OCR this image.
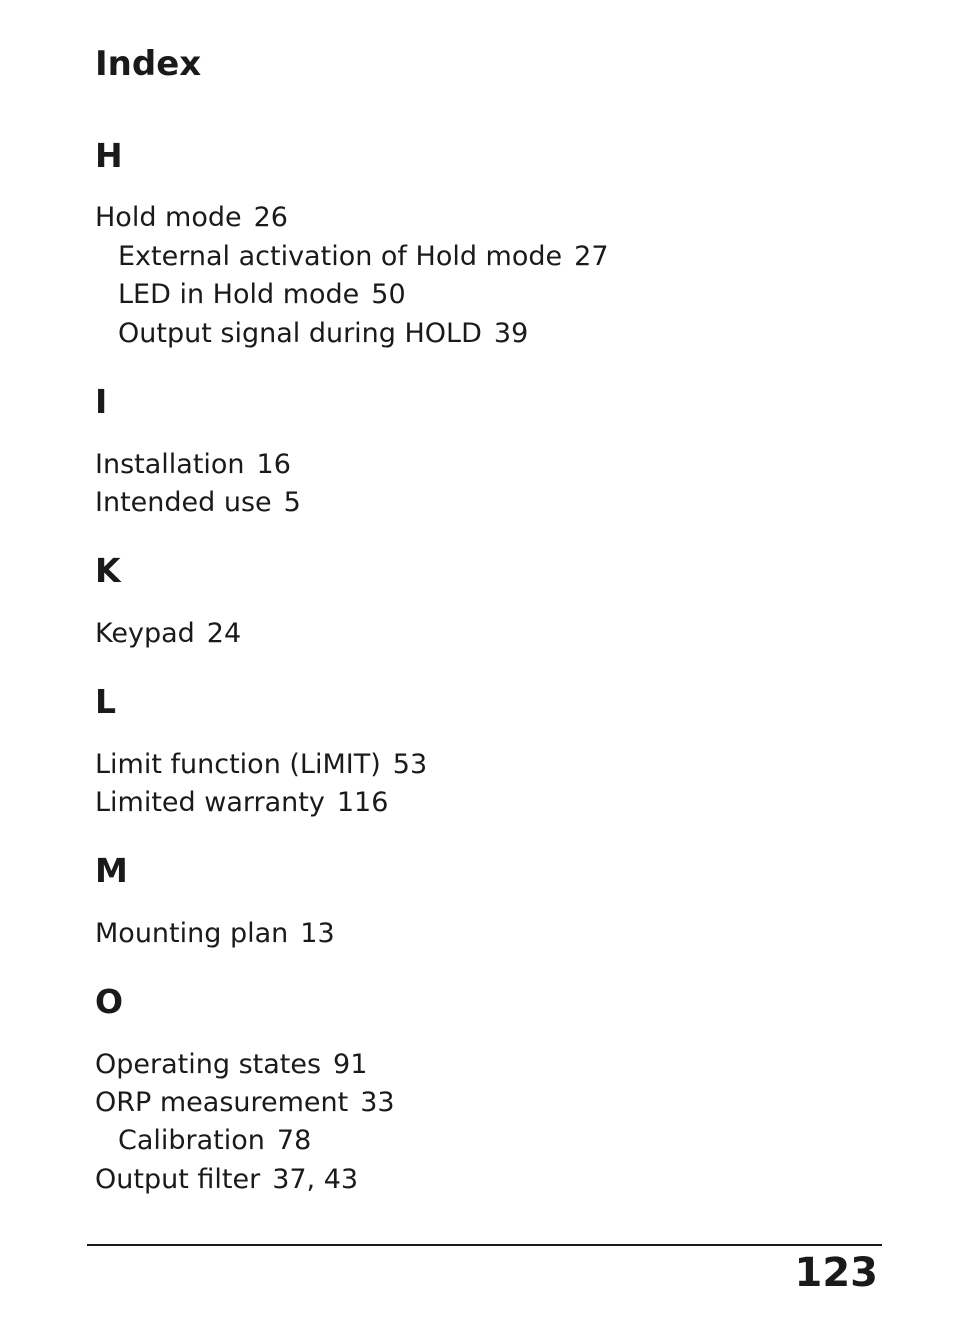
Index
H
Hold mode 26
External activation of Hold mode 27
LED in Hold mode 50
Output signal during HOLD 39
I
Installation 16
Intended use 5
K
Keypad 24
L
Limit function (LiMIT) 53
Limited warranty 116
M
Mounting plan 13
O
Operating states 91
ORP measurement 33
Calibration 78
Output filter 37, 43
123
